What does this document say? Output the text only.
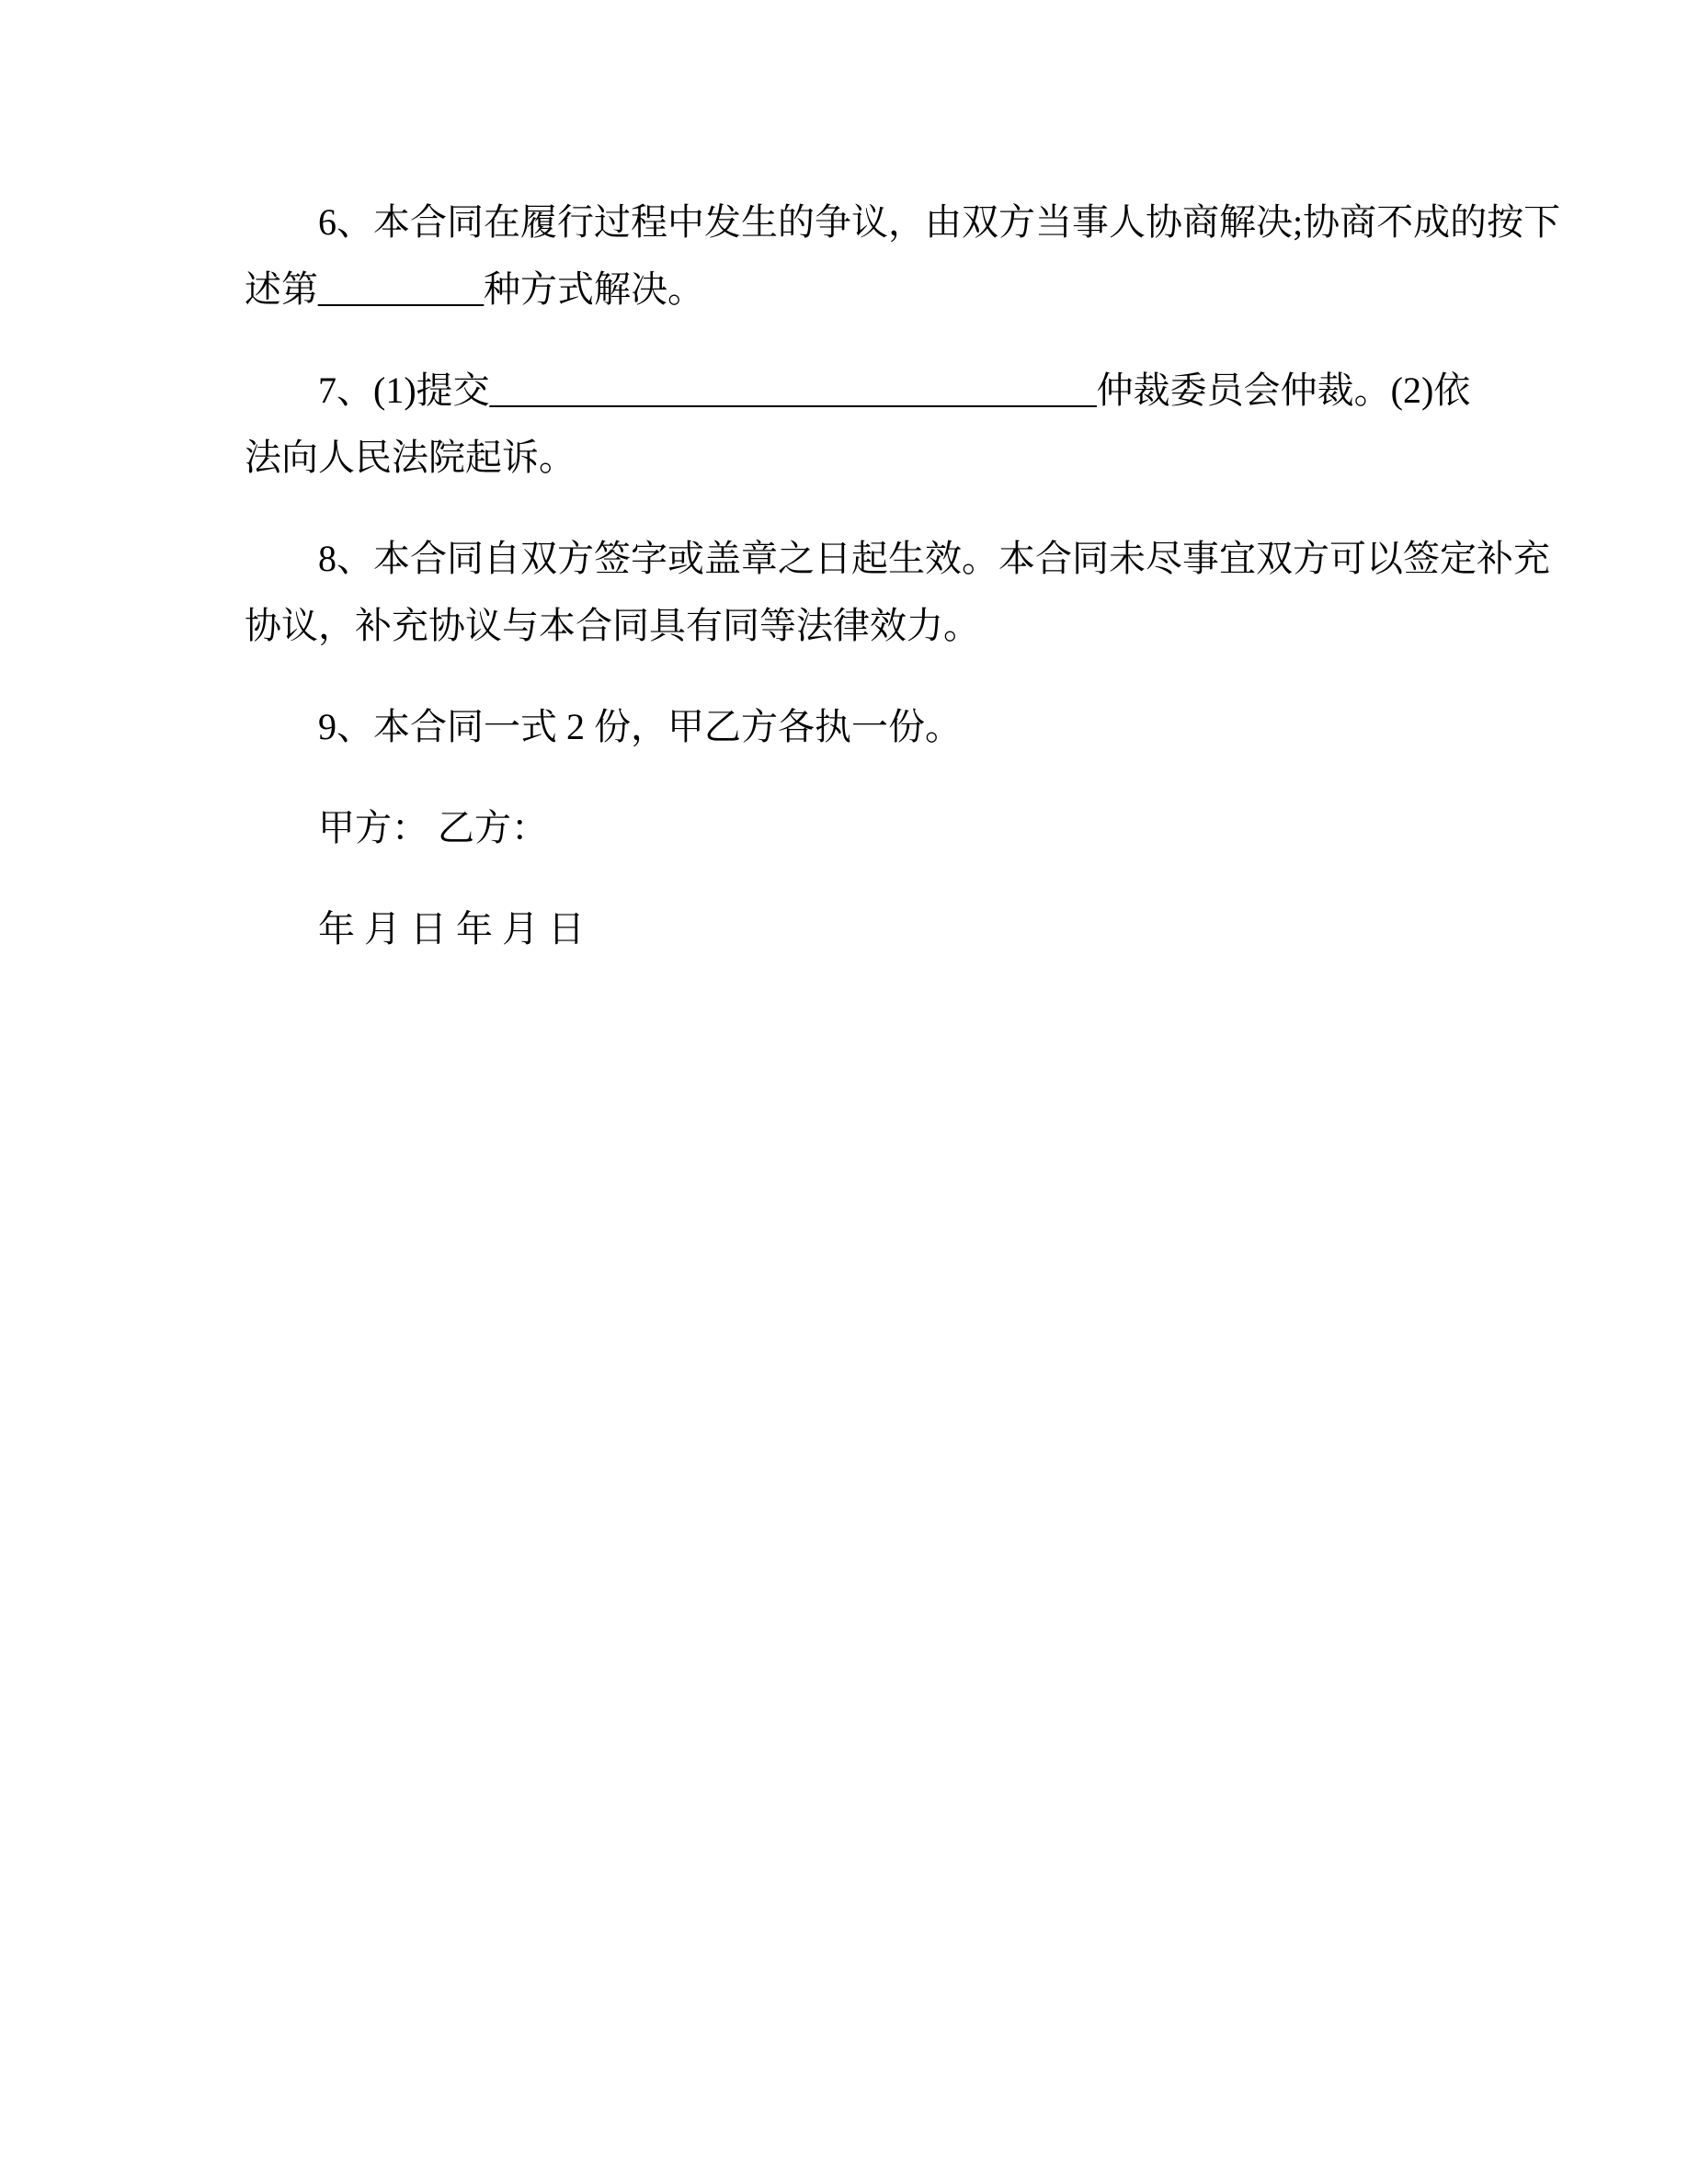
6、本合同在履行过程中发生的争议，由双方当事人协商解决;协商不成的按下
述第_________种方式解决。
7、(1)提交_________________________________仲裁委员会仲裁。(2)依
法向人民法院起诉。
8、本合同自双方签字或盖章之日起生效。本合同未尽事宜双方可以签定补充
协议，补充协议与本合同具有同等法律效力。
9、本合同一式 2 份，甲乙方各执一份。
甲方： 乙方：
年 月 日 年 月 日
